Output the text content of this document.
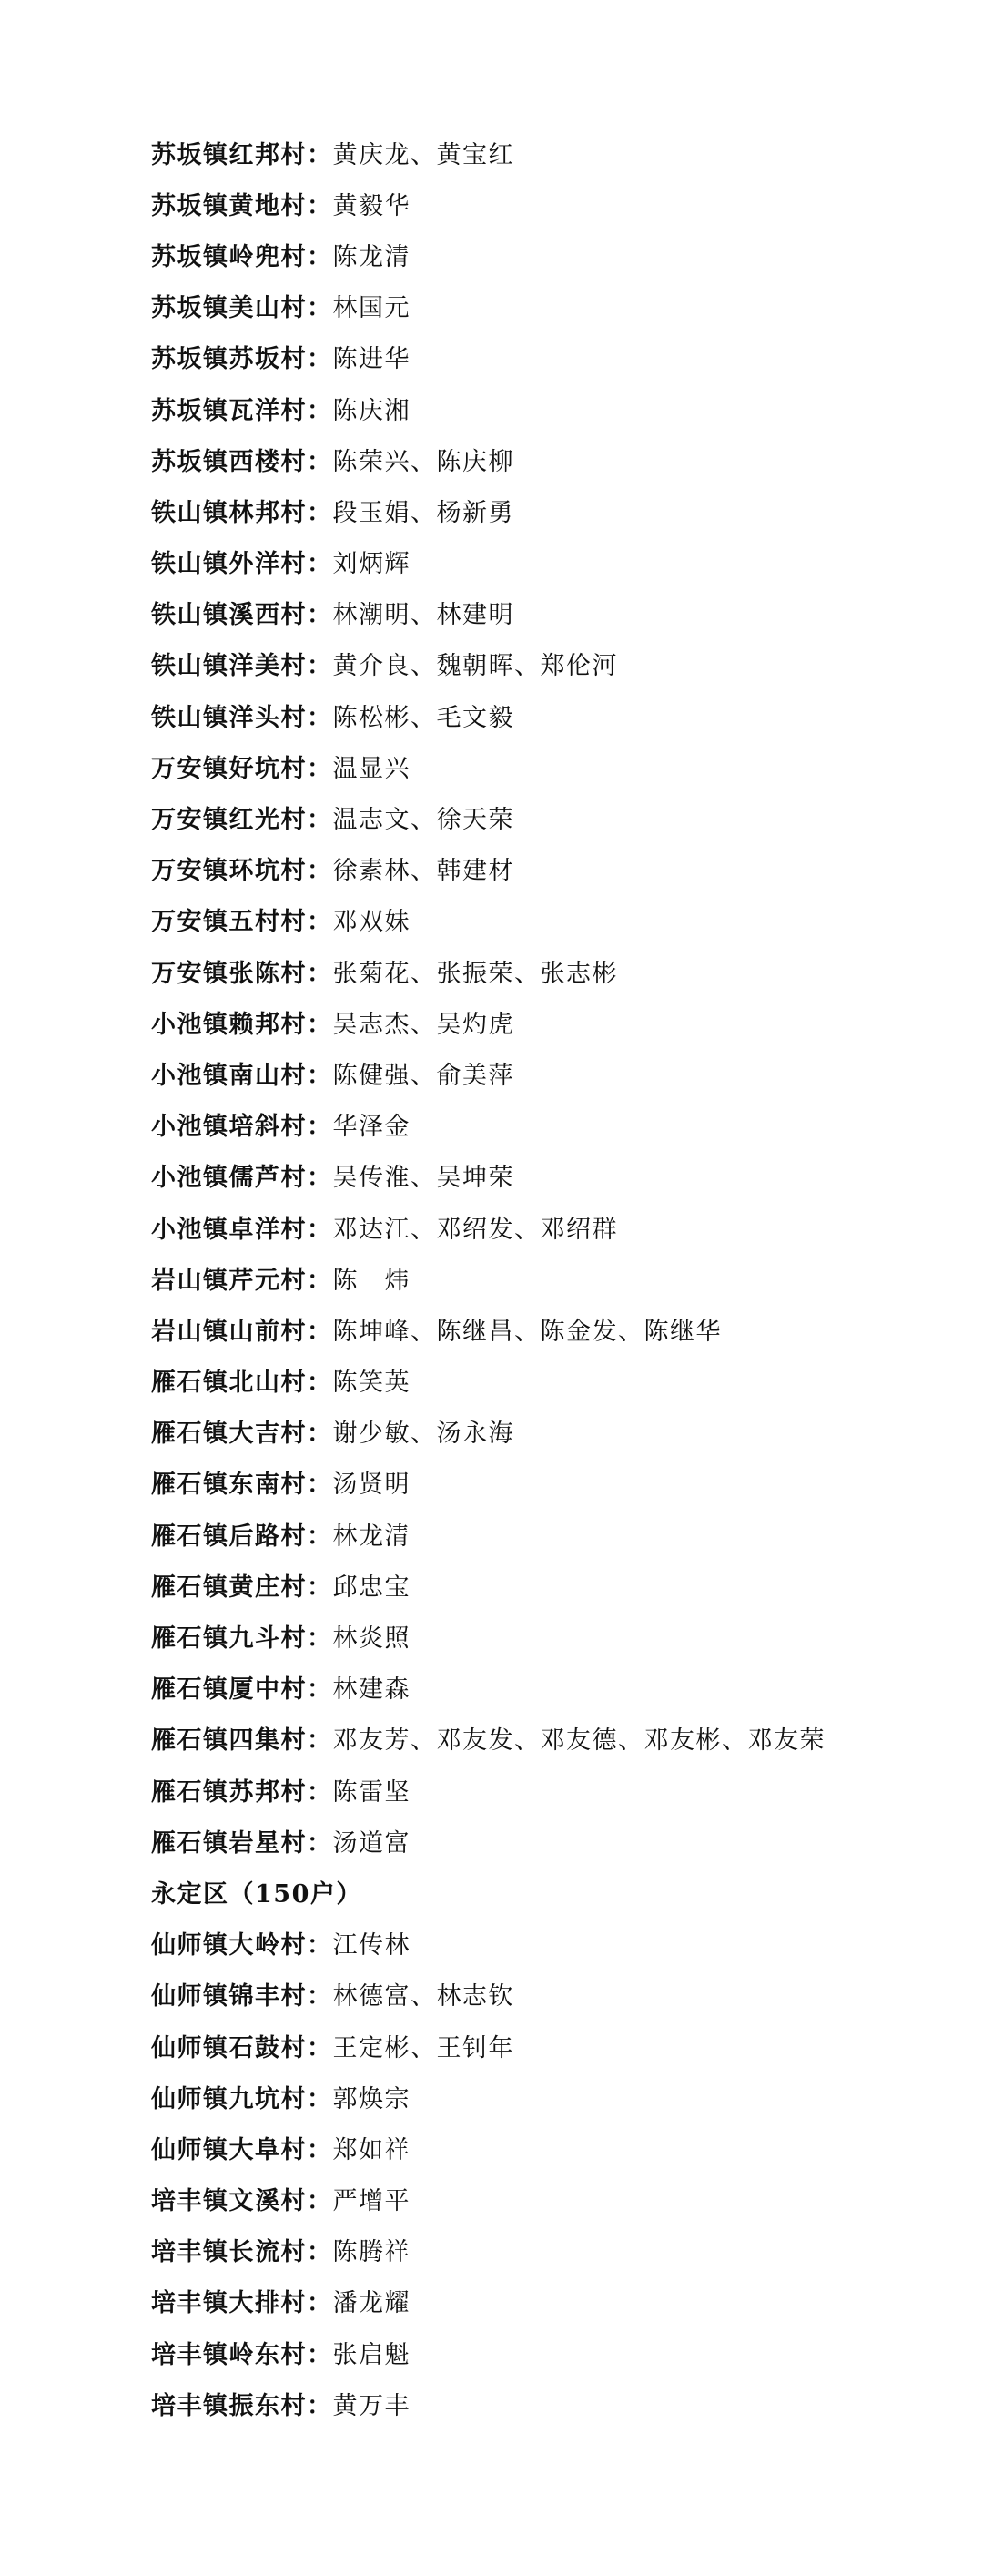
苏坂镇红邦村 ： 黄庆龙、黄宝红
苏坂镇黄地村 ： 黄毅华
苏坂镇岭兜村 ： 陈龙清
苏坂镇美山村 ： 林国元
苏坂镇苏坂村 ： 陈进华
苏坂镇瓦洋村 ： 陈庆湘
苏坂镇西楼村 ： 陈荣兴、陈庆柳
铁山镇林邦村 ： 段玉娟、杨新勇
铁山镇外洋村 ： 刘炳辉
铁山镇溪西村 ： 林潮明、林建明
铁山镇洋美村 ： 黄介良、魏朝晖、郑伦河
铁山镇洋头村 ： 陈松彬、毛文毅
万安镇好坑村 ： 温显兴
万安镇红光村 ： 温志文、徐天荣
万安镇环坑村 ： 徐素林、韩建材
万安镇五村村 ： 邓双妹
万安镇张陈村 ： 张菊花、张振荣、张志彬
小池镇赖邦村 ： 吴志杰、吴灼虎
小池镇南山村 ： 陈健强、俞美萍
小池镇培斜村 ： 华泽金
小池镇儒芦村 ： 吴传淮、吴坤荣
小池镇卓洋村 ： 邓达江、邓绍发、邓绍群
岩山镇芹元村 ： 陈　炜
岩山镇山前村 ： 陈坤峰、陈继昌、陈金发、陈继华
雁石镇北山村 ： 陈笑英
雁石镇大吉村 ： 谢少敏、汤永海
雁石镇东南村 ： 汤贤明
雁石镇后路村 ： 林龙清
雁石镇黄庄村 ： 邱忠宝
雁石镇九斗村 ： 林炎照
雁石镇厦中村 ： 林建森
雁石镇四集村 ： 邓友芳、邓友发、邓友德、邓友彬、邓友荣
雁石镇苏邦村 ： 陈雷坚
雁石镇岩星村 ： 汤道富
永定区（150户）
仙师镇大岭村 ： 江传林
仙师镇锦丰村 ： 林德富、林志钦
仙师镇石鼓村 ： 王定彬、王钊年
仙师镇九坑村 ： 郭焕宗
仙师镇大阜村 ： 郑如祥
培丰镇文溪村 ： 严增平
培丰镇长流村 ： 陈腾祥
培丰镇大排村 ： 潘龙耀
培丰镇岭东村 ： 张启魁
培丰镇振东村 ： 黄万丰
